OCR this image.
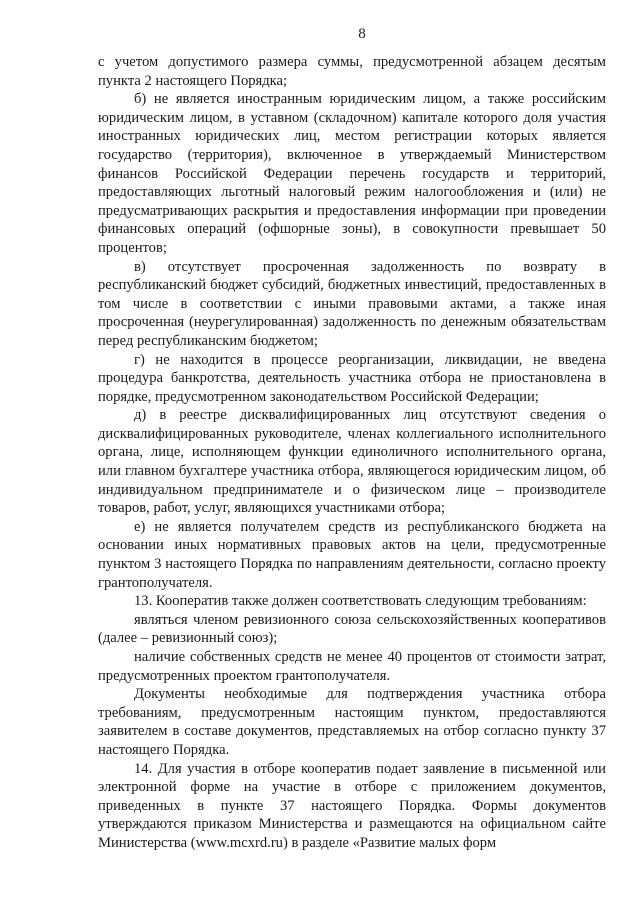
8

с учетом допустимого размера суммы, предусмотренной абзацем десятым пункта 2 настоящего Порядка;

б) не является иностранным юридическим лицом, а также российским юридическим лицом, в уставном (складочном) капитале которого доля участия иностранных юридических лиц, местом регистрации которых является государство (территория), включенное в утверждаемый Министерством финансов Российской Федерации перечень государств и территорий, предоставляющих льготный налоговый режим налогообложения и (или) не предусматривающих раскрытия и предоставления информации при проведении финансовых операций (офшорные зоны), в совокупности превышает 50 процентов;

в) отсутствует просроченная задолженность по возврату в республиканский бюджет субсидий, бюджетных инвестиций, предоставленных в том числе в соответствии с иными правовыми актами, а также иная просроченная (неурегулированная) задолженность по денежным обязательствам перед республиканским бюджетом;

г) не находится в процессе реорганизации, ликвидации, не введена процедура банкротства, деятельность участника отбора не приостановлена в порядке, предусмотренном законодательством Российской Федерации;

д) в реестре дисквалифицированных лиц отсутствуют сведения о дисквалифицированных руководителе, членах коллегиального исполнительного органа, лице, исполняющем функции единоличного исполнительного органа, или главном бухгалтере участника отбора, являющегося юридическим лицом, об индивидуальном предпринимателе и о физическом лице – производителе товаров, работ, услуг, являющихся участниками отбора;

е) не является получателем средств из республиканского бюджета на основании иных нормативных правовых актов на цели, предусмотренные пунктом 3 настоящего Порядка по направлениям деятельности, согласно проекту грантополучателя.

13. Кооператив также должен соответствовать следующим требованиям:

являться членом ревизионного союза сельскохозяйственных кооперативов (далее – ревизионный союз);

наличие собственных средств не менее 40 процентов от стоимости затрат, предусмотренных проектом грантополучателя.

Документы необходимые для подтверждения участника отбора требованиям, предусмотренным настоящим пунктом, предоставляются заявителем в составе документов, представляемых на отбор согласно пункту 37 настоящего Порядка.

14. Для участия в отборе кооператив подает заявление в письменной или электронной форме на участие в отборе с приложением документов, приведенных в пункте 37 настоящего Порядка. Формы документов утверждаются приказом Министерства и размещаются на официальном сайте Министерства (www.mcxrd.ru) в разделе «Развитие малых форм
